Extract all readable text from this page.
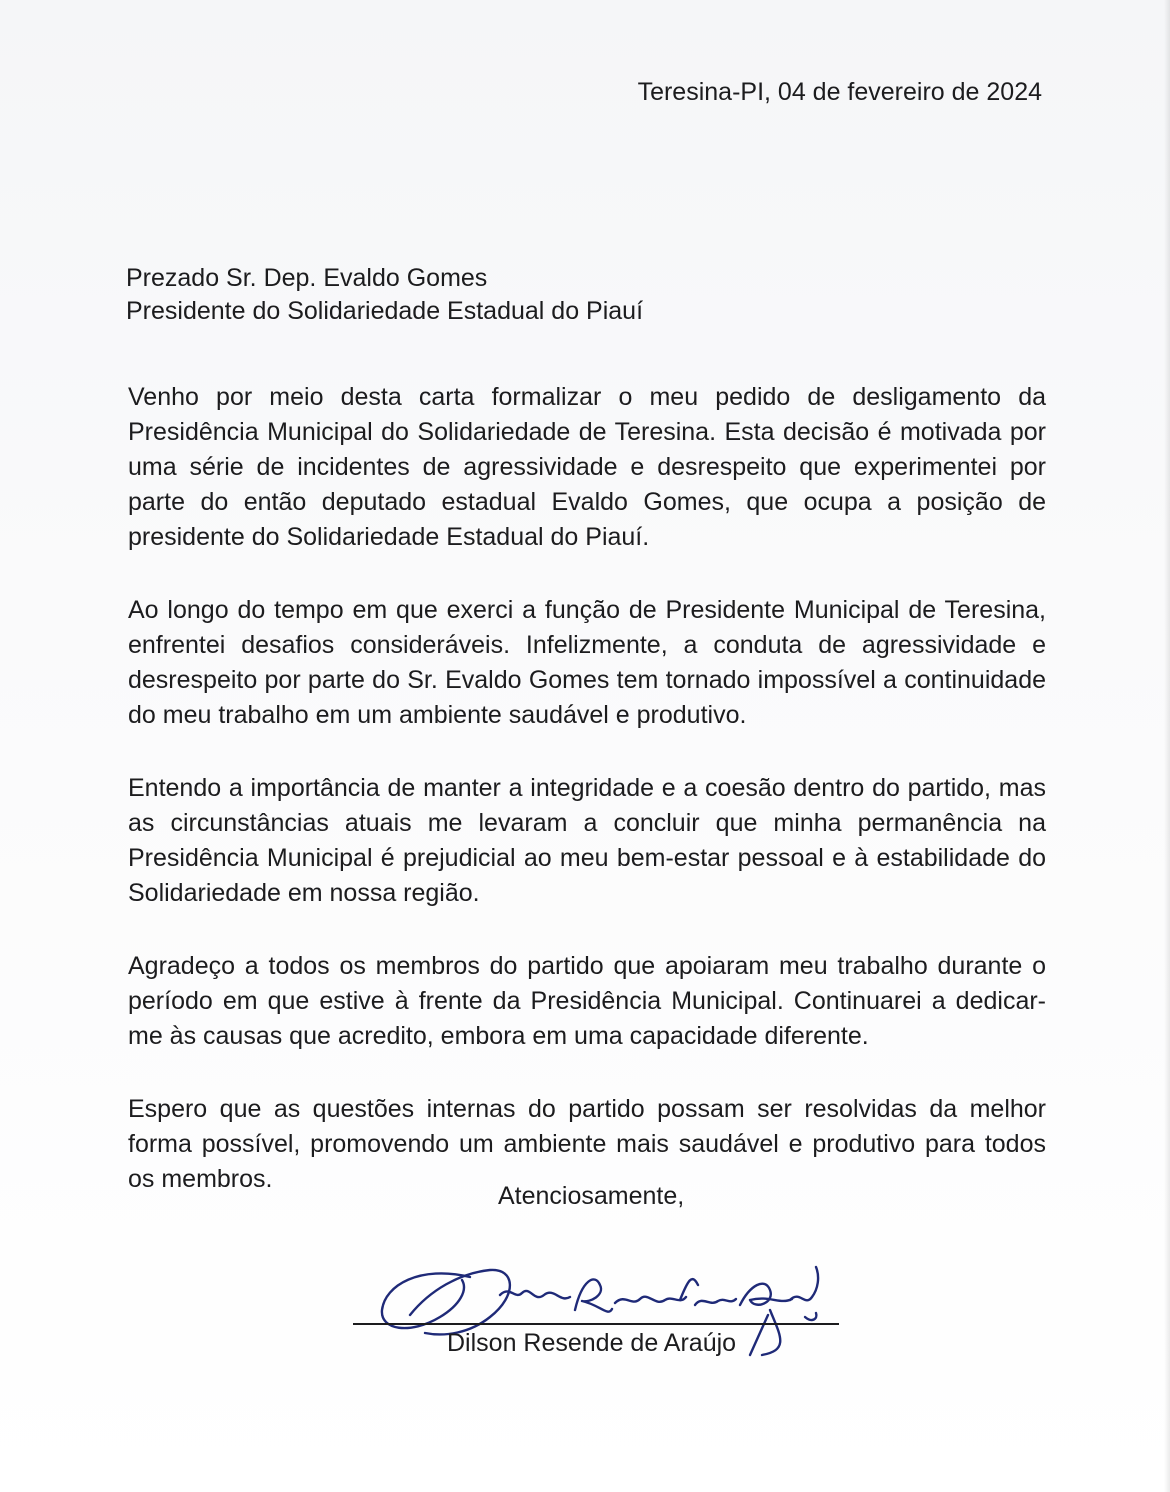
Teresina-PI, 04 de fevereiro de 2024
Prezado Sr. Dep. Evaldo Gomes
Presidente do Solidariedade Estadual do Piauí

Venho por meio desta carta formalizar o meu pedido de desligamento da Presidência Municipal do Solidariedade de Teresina. Esta decisão é motivada por uma série de incidentes de agressividade e desrespeito que experimentei por parte do então deputado estadual Evaldo Gomes, que ocupa a posição de presidente do Solidariedade Estadual do Piauí.

Ao longo do tempo em que exerci a função de Presidente Municipal de Teresina, enfrentei desafios consideráveis. Infelizmente, a conduta de agressividade e desrespeito por parte do Sr. Evaldo Gomes tem tornado impossível a continuidade do meu trabalho em um ambiente saudável e produtivo.

Entendo a importância de manter a integridade e a coesão dentro do partido, mas as circunstâncias atuais me levaram a concluir que minha permanência na Presidência Municipal é prejudicial ao meu bem-estar pessoal e à estabilidade do Solidariedade em nossa região.

Agradeço a todos os membros do partido que apoiaram meu trabalho durante o período em que estive à frente da Presidência Municipal. Continuarei a dedicar-me às causas que acredito, embora em uma capacidade diferente.

Espero que as questões internas do partido possam ser resolvidas da melhor forma possível, promovendo um ambiente mais saudável e produtivo para todos os membros.

Atenciosamente,
Dilson Resende de Araújo
